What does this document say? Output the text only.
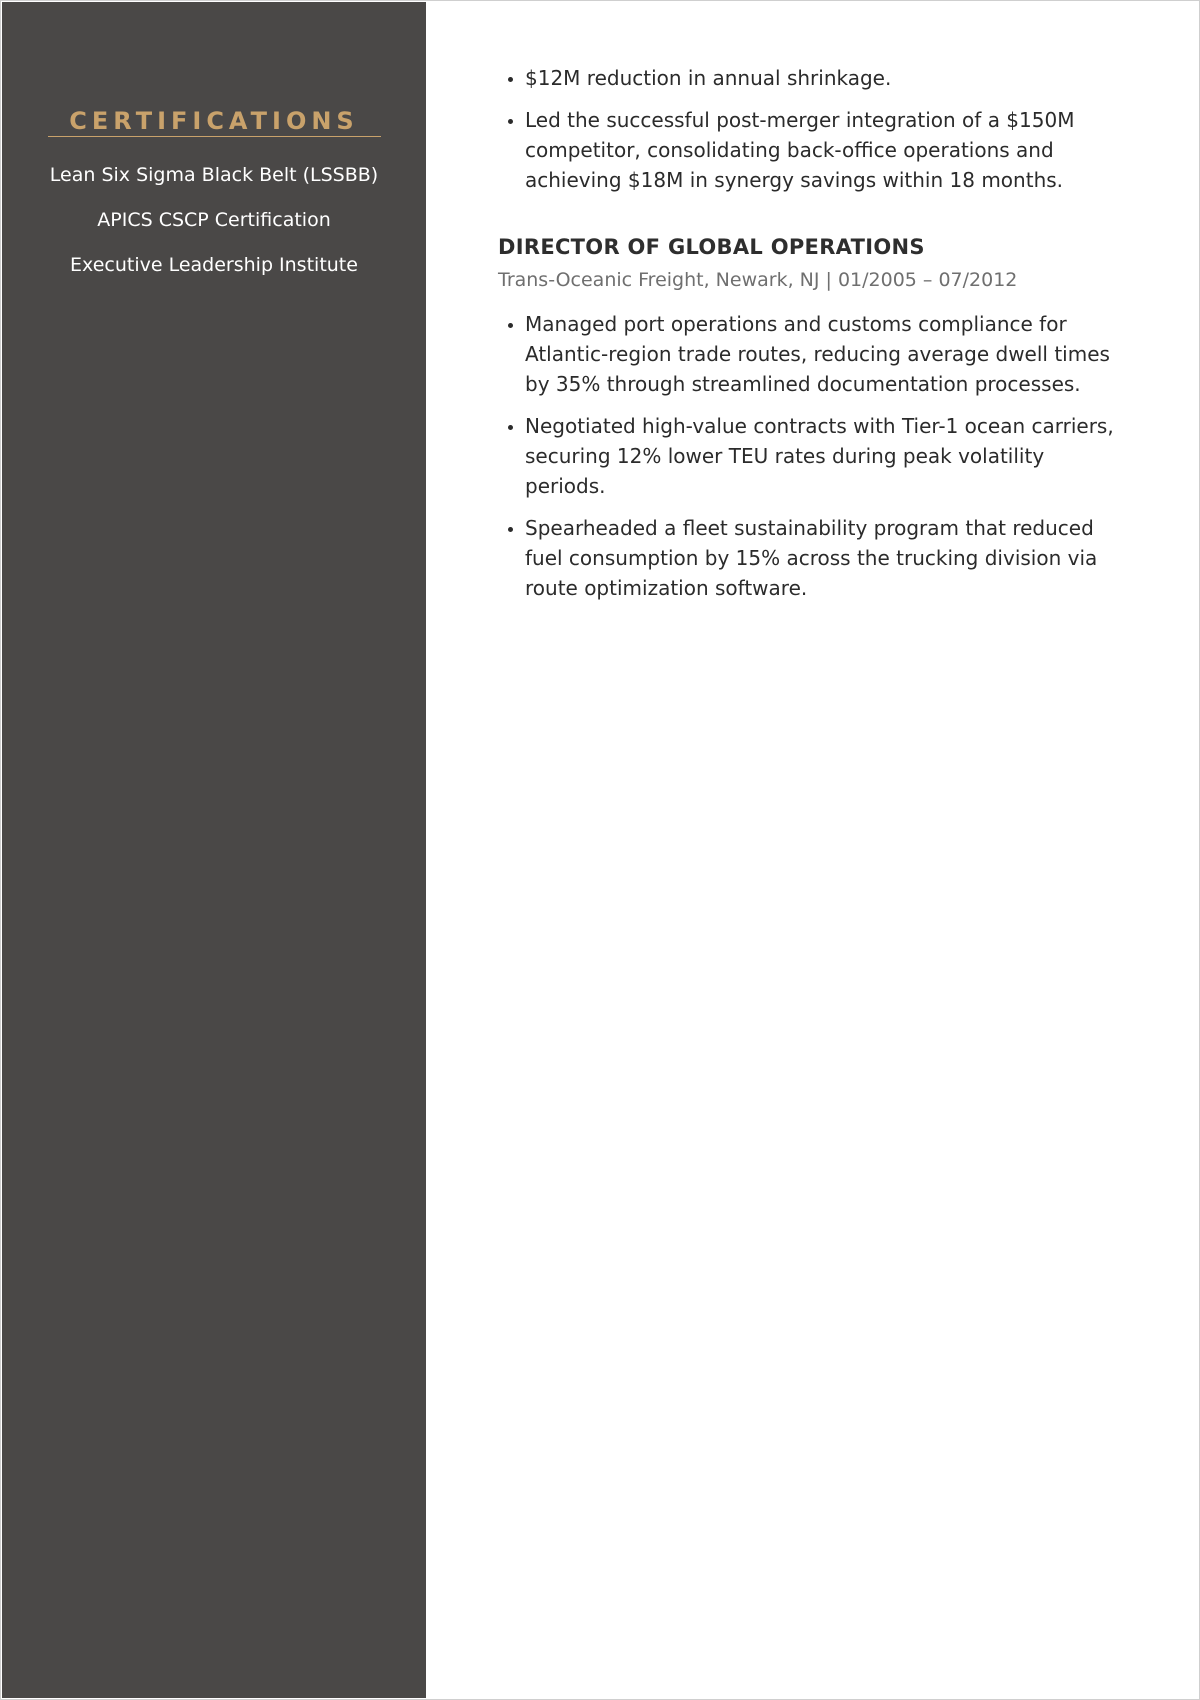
CERTIFICATIONS
Lean Six Sigma Black Belt (LSSBB)
APICS CSCP Certification
Executive Leadership Institute
• $12M reduction in annual shrinkage.
• Led the successful post-merger integration of a $150M competitor, consolidating back-office operations and achieving $18M in synergy savings within 18 months.
DIRECTOR OF GLOBAL OPERATIONS
Trans-Oceanic Freight, Newark, NJ | 01/2005 – 07/2012
• Managed port operations and customs compliance for Atlantic-region trade routes, reducing average dwell times by 35% through streamlined documentation processes.
• Negotiated high-value contracts with Tier-1 ocean carriers, securing 12% lower TEU rates during peak volatility periods.
• Spearheaded a fleet sustainability program that reduced fuel consumption by 15% across the trucking division via route optimization software.
